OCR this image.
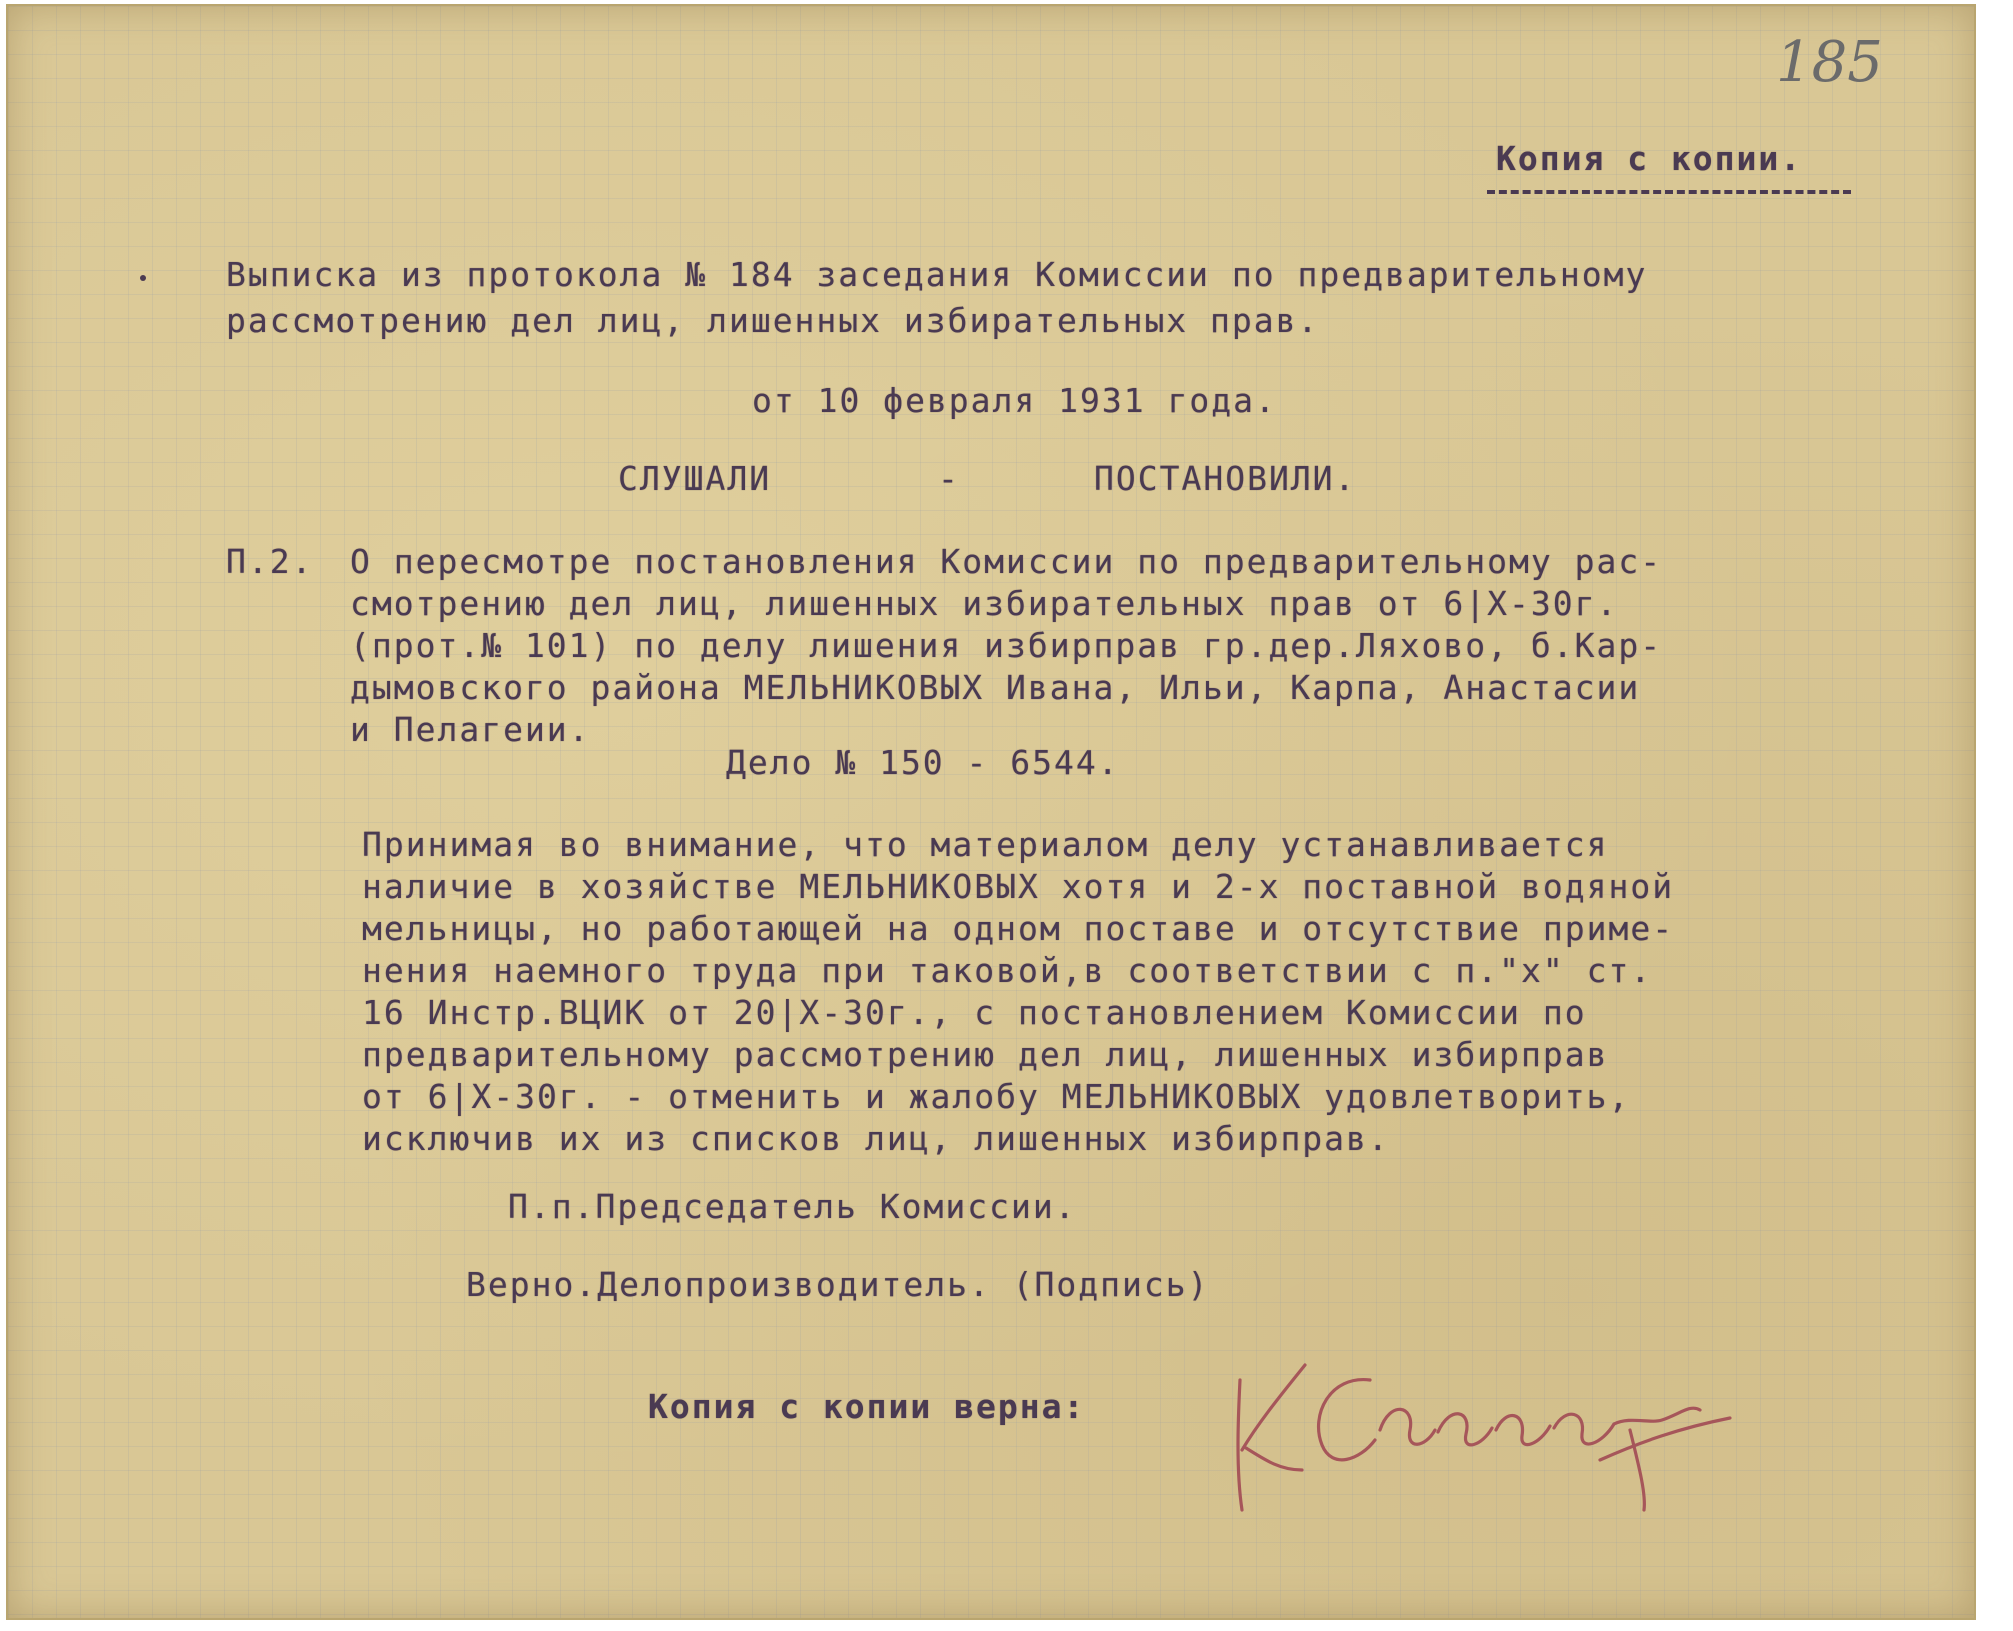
185
Копия с копии.
Выписка из протокола № 184 заседания Комиссии по предварительному
рассмотрению дел лиц, лишенных избирательных прав.
от 10 февраля 1931 года.
СЛУШАЛИ	-	ПОСТАНОВИЛИ.
П.2. О пересмотре постановления Комиссии по предварительному рас-
смотрению дел лиц, лишенных избирательных прав от 6|X-30г.
(прот.№ 101) по делу лишения избирправ гр.дер.Ляхово, б.Кар-
дымовского района МЕЛЬНИКОВЫХ Ивана, Ильи, Карпа, Анастасии
и Пелагеии.
Дело № 150 - 6544.
Принимая во внимание, что материалом делу устанавливается
наличие в хозяйстве МЕЛЬНИКОВЫХ хотя и 2-х поставной водяной
мельницы, но работающей на одном поставе и отсутствие приме-
нения наемного труда при таковой,в соответствии с п."х" ст.
16 Инстр.ВЦИК от 20|X-30г., с постановлением Комиссии по
предварительному рассмотрению дел лиц, лишенных избирправ
от 6|X-30г. - отменить и жалобу МЕЛЬНИКОВЫХ удовлетворить,
исключив их из списков лиц, лишенных избирправ.
П.п.Председатель Комиссии.
Верно.Делопроизводитель. (Подпись)
Копия с копии верна:
